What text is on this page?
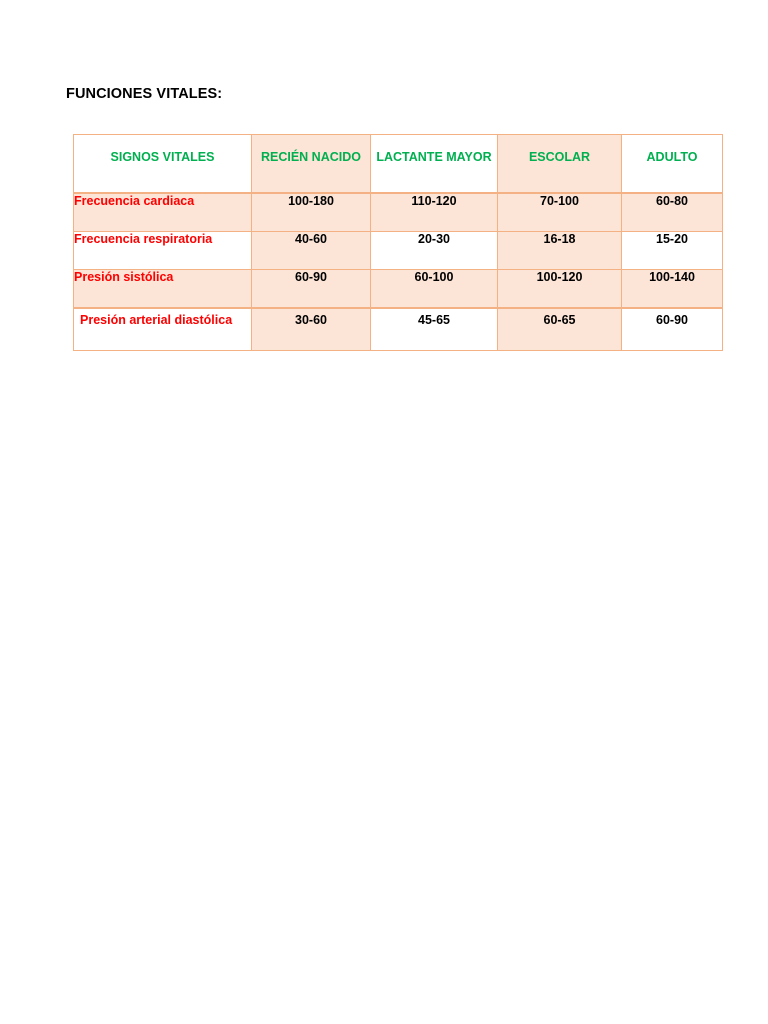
FUNCIONES VITALES:
SIGNOS VITALES	RECIÉN NACIDO	LACTANTE MAYOR	ESCOLAR	ADULTO
Frecuencia cardiaca	100-180	110-120	70-100	60-80
Frecuencia respiratoria	40-60	20-30	16-18	15-20
Presión sistólica	60-90	60-100	100-120	100-140
Presión arterial diastólica	30-60	45-65	60-65	60-90
